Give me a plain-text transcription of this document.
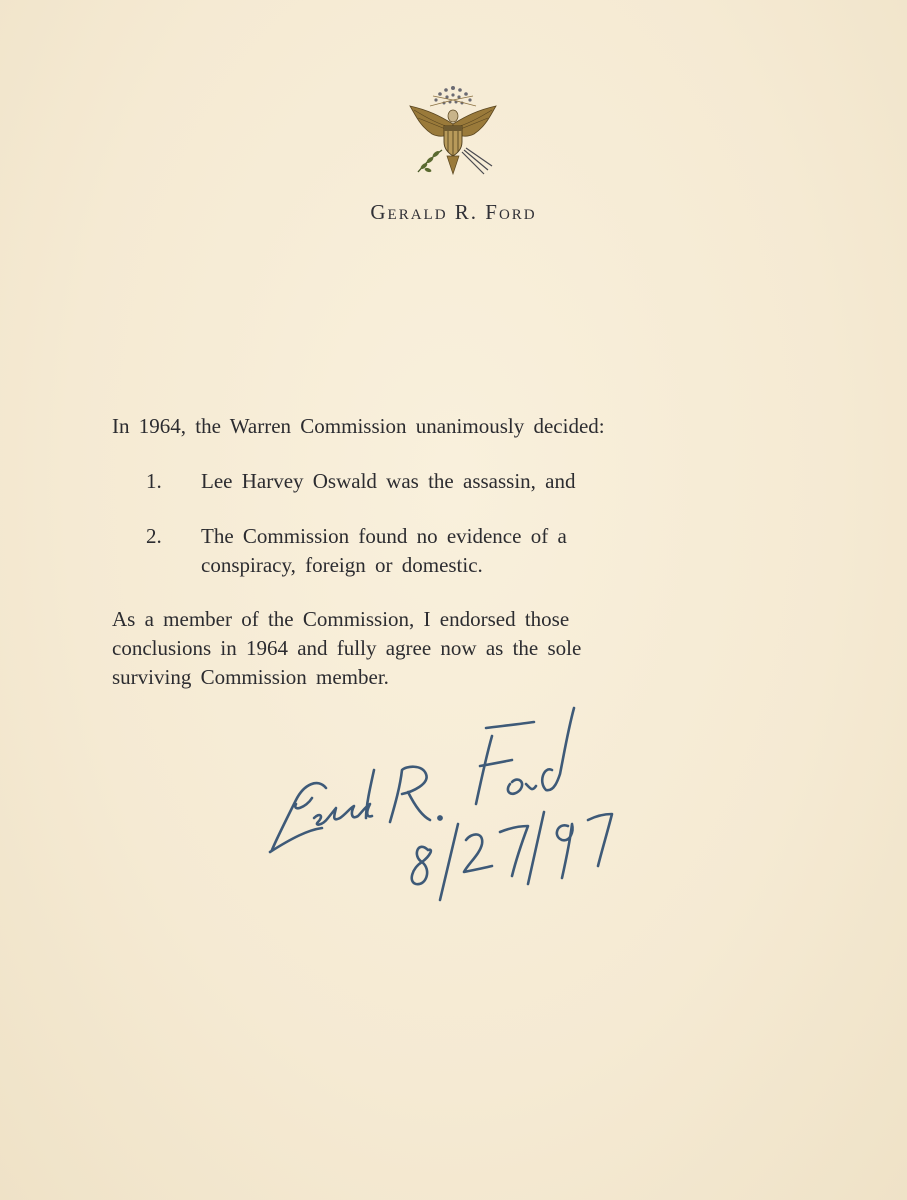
Gerald R. Ford
In 1964, the Warren Commission unanimously decided:
1. Lee Harvey Oswald was the assassin, and
2. The Commission found no evidence of a
conspiracy, foreign or domestic.
As a member of the Commission, I endorsed those
conclusions in 1964 and fully agree now as the sole
surviving Commission member.
